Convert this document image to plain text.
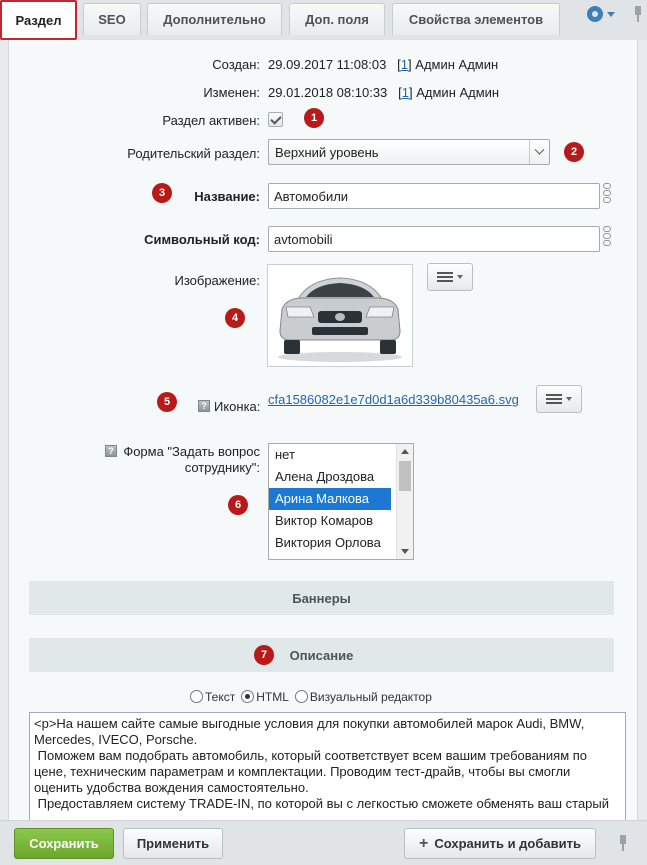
Раздел	SEO	Дополнительно	Доп. поля	Свойства элементов
Создан: 29.09.2017 11:08:03 [1] Админ Админ
Изменен: 29.01.2018 08:10:33 [1] Админ Админ
Раздел активен:	1
Родительский раздел:	Верхний уровень	2
3	Название:
Автомобили
Символьный код:
avtomobili
Изображение:
4
5	? Иконка: cfa1586082e1e7d0d1a6d339b80435a6.svg
? Форма "Задать вопрос
сотруднику":
нет
Алена Дроздова
Арина Малкова
Виктор Комаров
Виктория Орлова
6
Баннеры
Описание
7
Текст	HTML	Визуальный редактор
<p>На нашем сайте самые выгодные условия для покупки автомобилей марок Audi, BMW, Mercedes, IVECO, Porsche.
Поможем вам подобрать автомобиль, который соответствует всем вашим требованиям по цене, техническим параметрам и комплектации. Проводим тест-драйв, чтобы вы смогли оценить удобства вождения самостоятельно.
Предоставляем систему TRADE-IN, по которой вы с легкостью сможете обменять ваш старый
Сохранить	Применить	+ Сохранить и добавить
